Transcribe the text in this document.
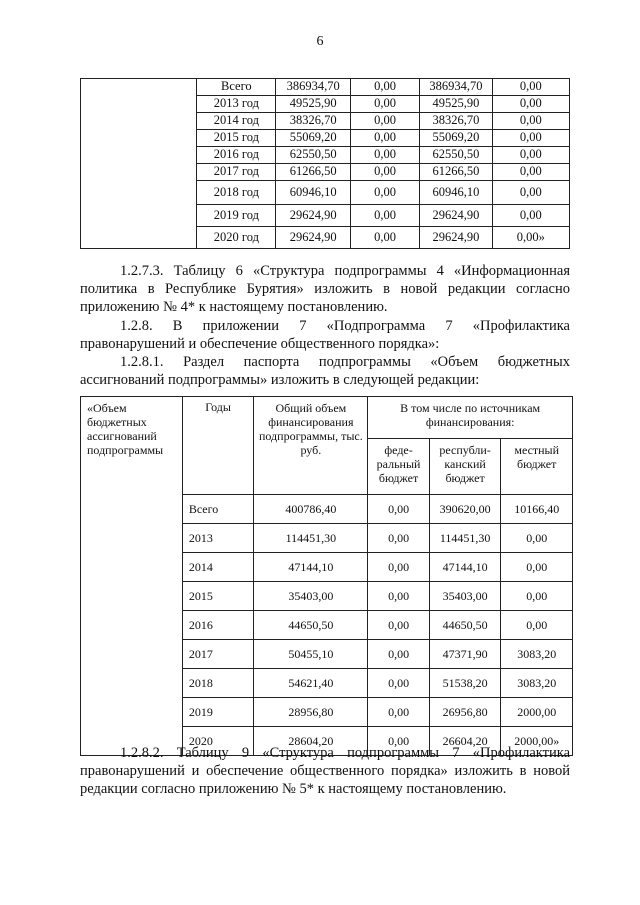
6
	Всего	386934,70	0,00	386934,70	0,00
	2013 год	49525,90	0,00	49525,90	0,00
	2014 год	38326,70	0,00	38326,70	0,00
	2015 год	55069,20	0,00	55069,20	0,00
	2016 год	62550,50	0,00	62550,50	0,00
	2017 год	61266,50	0,00	61266,50	0,00
	2018 год	60946,10	0,00	60946,10	0,00
	2019 год	29624,90	0,00	29624,90	0,00
	2020 год	29624,90	0,00	29624,90	0,00»
1.2.7.3. Таблицу 6 «Структура подпрограммы 4 «Информационная политика в Республике Бурятия» изложить в новой редакции согласно приложению № 4* к настоящему постановлению.
1.2.8. В приложении 7 «Подпрограмма 7 «Профилактика правонарушений и обеспечение общественного порядка»:
1.2.8.1. Раздел паспорта подпрограммы «Объем бюджетных ассигнований подпрограммы» изложить в следующей редакции:
«Объем бюджетных ассигнований подпрограммы	Годы	Общий объем финансирования подпрограммы, тыс. руб.	В том числе по источникам финансирования:		
			феде-ральный бюджет	республи-канский бюджет	местный бюджет
	Всего	400786,40	0,00	390620,00	10166,40
	2013	114451,30	0,00	114451,30	0,00
	2014	47144,10	0,00	47144,10	0,00
	2015	35403,00	0,00	35403,00	0,00
	2016	44650,50	0,00	44650,50	0,00
	2017	50455,10	0,00	47371,90	3083,20
	2018	54621,40	0,00	51538,20	3083,20
	2019	28956,80	0,00	26956,80	2000,00
	2020	28604,20	0,00	26604,20	2000,00»
1.2.8.2. Таблицу 9 «Структура подпрограммы 7 «Профилактика правонарушений и обеспечение общественного порядка» изложить в новой редакции согласно приложению № 5* к настоящему постановлению.
